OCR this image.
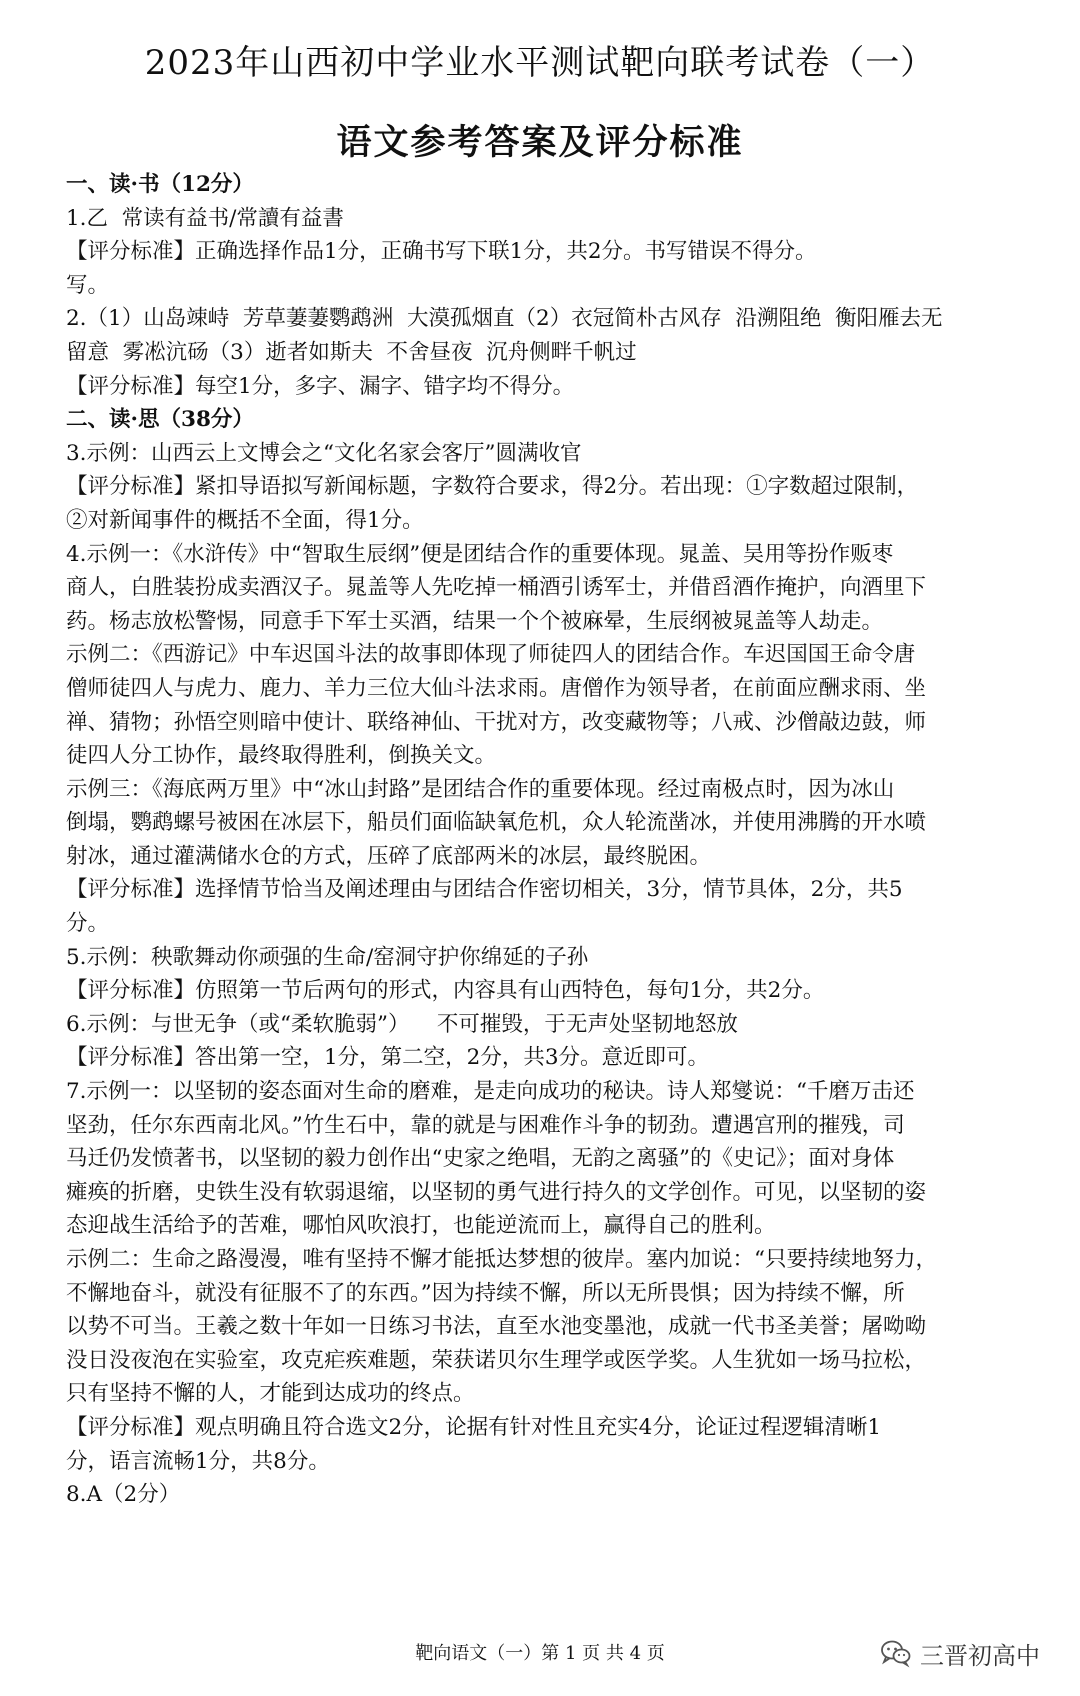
2023年山西初中学业水平测试靶向联考试卷（一）
语文参考答案及评分标准

一、读·书（12分）

1.乙  常读有益书/常讀有益書

【评分标准】正确选择作品1分，正确书写下联1分，共2分。书写错误不得分。

写。

2.（1）山岛竦峙  芳草萋萋鹦鹉洲  大漠孤烟直（2）衣冠简朴古风存  沿溯阻绝  衡阳雁去无

留意  雾凇沆砀（3）逝者如斯夫  不舍昼夜  沉舟侧畔千帆过

【评分标准】每空1分，多字、漏字、错字均不得分。

二、读·思（38分）

3.示例：山西云上文博会之“文化名家会客厅”圆满收官

【评分标准】紧扣导语拟写新闻标题，字数符合要求，得2分。若出现：①字数超过限制，

②对新闻事件的概括不全面，得1分。

4.示例一：《水浒传》中“智取生辰纲”便是团结合作的重要体现。晁盖、吴用等扮作贩枣

商人，白胜装扮成卖酒汉子。晁盖等人先吃掉一桶酒引诱军士，并借舀酒作掩护，向酒里下

药。杨志放松警惕，同意手下军士买酒，结果一个个被麻晕，生辰纲被晁盖等人劫走。

示例二：《西游记》中车迟国斗法的故事即体现了师徒四人的团结合作。车迟国国王命令唐

僧师徒四人与虎力、鹿力、羊力三位大仙斗法求雨。唐僧作为领导者，在前面应酬求雨、坐

禅、猜物；孙悟空则暗中使计、联络神仙、干扰对方，改变藏物等；八戒、沙僧敲边鼓，师

徒四人分工协作，最终取得胜利，倒换关文。

示例三：《海底两万里》中“冰山封路”是团结合作的重要体现。经过南极点时，因为冰山

倒塌，鹦鹉螺号被困在冰层下，船员们面临缺氧危机，众人轮流凿冰，并使用沸腾的开水喷

射冰，通过灌满储水仓的方式，压碎了底部两米的冰层，最终脱困。

【评分标准】选择情节恰当及阐述理由与团结合作密切相关，3分，情节具体，2分，共5

分。

5.示例：秧歌舞动你顽强的生命/窑洞守护你绵延的子孙

【评分标准】仿照第一节后两句的形式，内容具有山西特色，每句1分，共2分。

6.示例：与世无争（或“柔软脆弱”）    不可摧毁，于无声处坚韧地怒放

【评分标准】答出第一空，1分，第二空，2分，共3分。意近即可。

7.示例一：以坚韧的姿态面对生命的磨难，是走向成功的秘诀。诗人郑燮说：“千磨万击还

坚劲，任尔东西南北风。”竹生石中，靠的就是与困难作斗争的韧劲。遭遇宫刑的摧残，司

马迁仍发愤著书，以坚韧的毅力创作出“史家之绝唱，无韵之离骚”的《史记》；面对身体

瘫痪的折磨，史铁生没有软弱退缩，以坚韧的勇气进行持久的文学创作。可见，以坚韧的姿

态迎战生活给予的苦难，哪怕风吹浪打，也能逆流而上，赢得自己的胜利。

示例二：生命之路漫漫，唯有坚持不懈才能抵达梦想的彼岸。塞内加说：“只要持续地努力，

不懈地奋斗，就没有征服不了的东西。”因为持续不懈，所以无所畏惧；因为持续不懈，所

以势不可当。王羲之数十年如一日练习书法，直至水池变墨池，成就一代书圣美誉；屠呦呦

没日没夜泡在实验室，攻克疟疾难题，荣获诺贝尔生理学或医学奖。人生犹如一场马拉松，

只有坚持不懈的人，才能到达成功的终点。

【评分标准】观点明确且符合选文2分，论据有针对性且充实4分，论证过程逻辑清晰1

分，语言流畅1分，共8分。

8.A（2分）

靶向语文（一）第 1 页 共 4 页	三晋初高中
